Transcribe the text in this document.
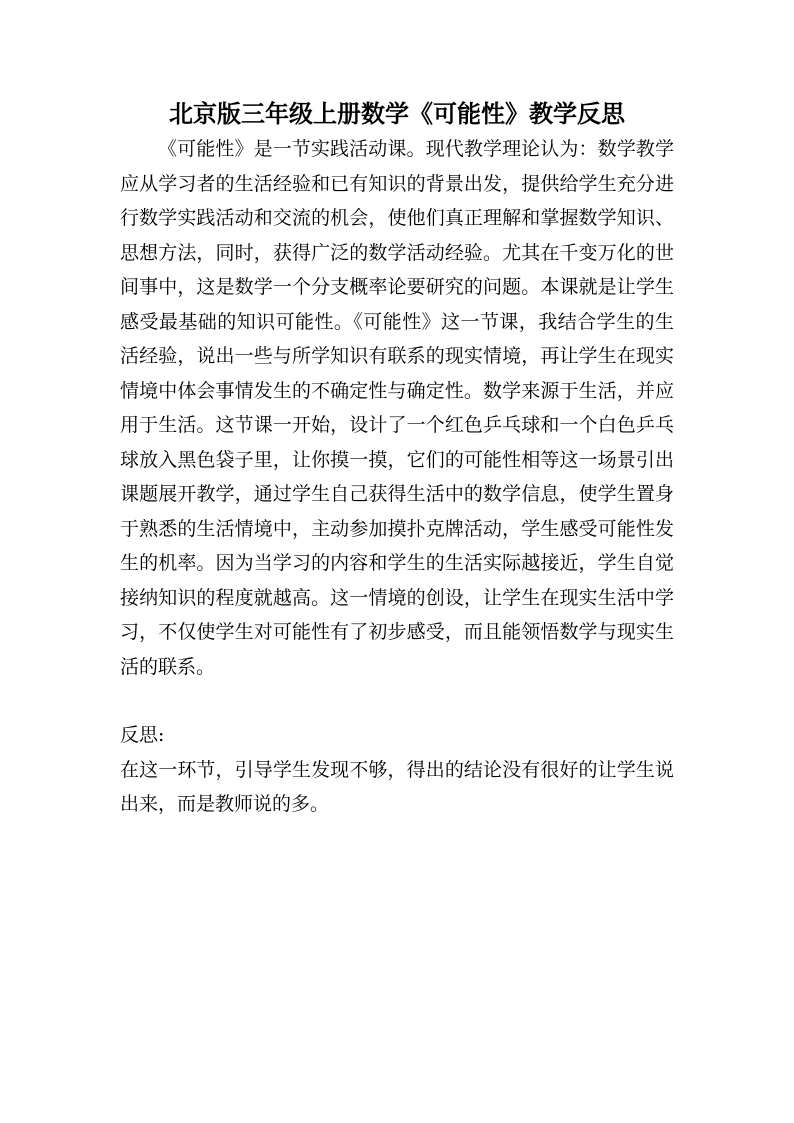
北京版三年级上册数学《可能性》教学反思

《可能性》是一节实践活动课。现代教学理论认为：数学教学应从学习者的生活经验和已有知识的背景出发，提供给学生充分进行数学实践活动和交流的机会，使他们真正理解和掌握数学知识、思想方法，同时，获得广泛的数学活动经验。尤其在千变万化的世间事中，这是数学一个分支概率论要研究的问题。本课就是让学生感受最基础的知识可能性。《可能性》这一节课，我结合学生的生活经验，说出一些与所学知识有联系的现实情境，再让学生在现实情境中体会事情发生的不确定性与确定性。数学来源于生活，并应用于生活。这节课一开始，设计了一个红色乒乓球和一个白色乒乓球放入黑色袋子里，让你摸一摸，它们的可能性相等这一场景引出课题展开教学，通过学生自己获得生活中的数学信息，使学生置身于熟悉的生活情境中，主动参加摸扑克牌活动，学生感受可能性发生的机率。因为当学习的内容和学生的生活实际越接近，学生自觉接纳知识的程度就越高。这一情境的创设，让学生在现实生活中学习，不仅使学生对可能性有了初步感受，而且能领悟数学与现实生活的联系。

反思:

在这一环节，引导学生发现不够，得出的结论没有很好的让学生说出来，而是教师说的多。
